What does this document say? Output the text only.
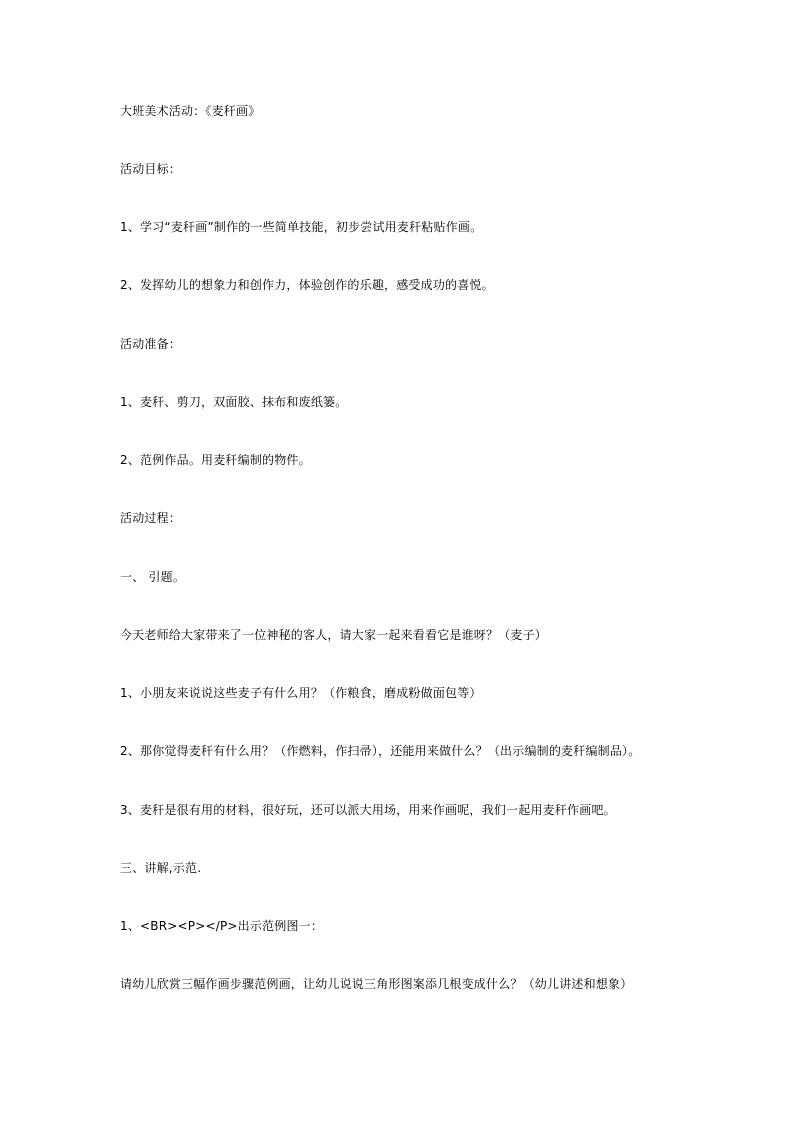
大班美术活动：《麦秆画》
活动目标：
1、学习“麦秆画”制作的一些简单技能，初步尝试用麦秆粘贴作画。
2、发挥幼儿的想象力和创作力，体验创作的乐趣，感受成功的喜悦。
活动准备：
1、麦秆、剪刀，双面胶、抹布和废纸篓。
2、范例作品。用麦秆编制的物件。
活动过程：
一、 引题。
今天老师给大家带来了一位神秘的客人，请大家一起来看看它是谁呀？（麦子）
1、小朋友来说说这些麦子有什么用？（作粮食，磨成粉做面包等）
2、那你觉得麦秆有什么用？（作燃料，作扫帚），还能用来做什么？（出示编制的麦秆编制品）。
3、麦秆是很有用的材料，很好玩，还可以派大用场，用来作画呢，我们一起用麦秆作画吧。
三、讲解,示范.
1、<BR><P></P>出示范例图一：
请幼儿欣赏三幅作画步骤范例画，让幼儿说说三角形图案添几根变成什么？（幼儿讲述和想象）
